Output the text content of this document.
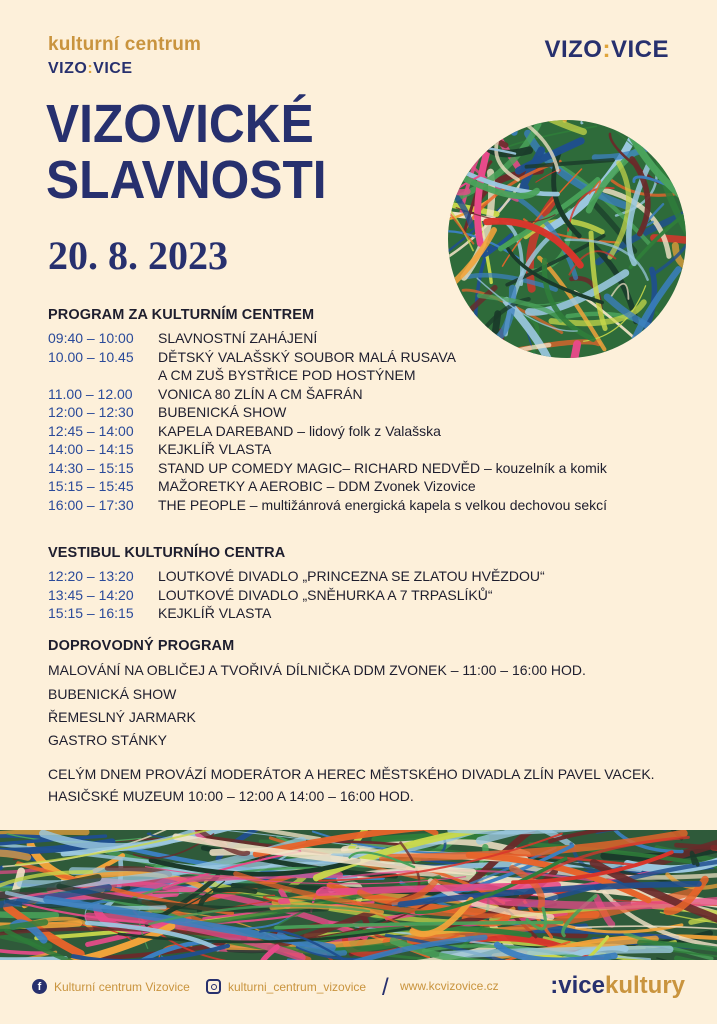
kulturní centrum
VIZO:VICE
VIZO:VICE
VIZOVICKÉ
SLAVNOSTI
20. 8. 2023
PROGRAM ZA KULTURNÍM CENTREM
09:40 – 10:00	SLAVNOSTNÍ ZAHÁJENÍ
10.00 – 10.45	DĚTSKÝ VALAŠSKÝ SOUBOR MALÁ RUSAVA
A CM ZUŠ BYSTŘICE POD HOSTÝNEM
11.00 – 12.00	VONICA 80 ZLÍN A CM ŠAFRÁN
12:00 – 12:30	BUBENICKÁ SHOW
12:45 – 14:00	KAPELA DAREBAND – lidový folk z Valašska
14:00 – 14:15	KEJKLÍŘ VLASTA
14:30 – 15:15	STAND UP COMEDY MAGIC– RICHARD NEDVĚD – kouzelník a komik
15:15 – 15:45	MAŽORETKY A AEROBIC – DDM Zvonek Vizovice
16:00 – 17:30	THE PEOPLE – multižánrová energická kapela s velkou dechovou sekcí
VESTIBUL KULTURNÍHO CENTRA
12:20 – 13:20	LOUTKOVÉ DIVADLO „PRINCEZNA SE ZLATOU HVĚZDOU“
13:45 – 14:20	LOUTKOVÉ DIVADLO „SNĚHURKA A 7 TRPASLÍKŮ“
15:15 – 16:15	KEJKLÍŘ VLASTA
DOPROVODNÝ PROGRAM
MALOVÁNÍ NA OBLIČEJ A TVOŘIVÁ DÍLNIČKA DDM ZVONEK – 11:00 – 16:00 HOD.
BUBENICKÁ SHOW
ŘEMESLNÝ JARMARK
GASTRO STÁNKY
CELÝM DNEM PROVÁZÍ MODERÁTOR A HEREC MĚSTSKÉHO DIVADLA ZLÍN PAVEL VACEK.
HASIČSKÉ MUZEUM 10:00 – 12:00 A 14:00 – 16:00 HOD.
f	Kulturní centrum Vizovice	kulturni_centrum_vizovice / www.kcvizovice.cz :vicekultury
